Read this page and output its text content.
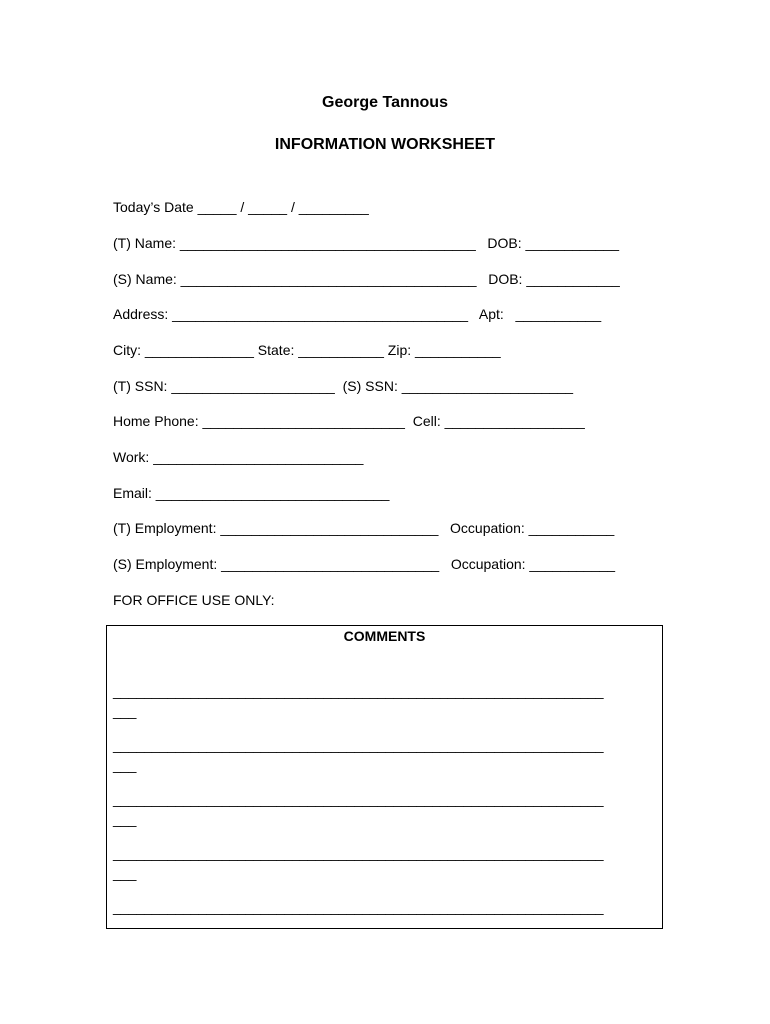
George Tannous
INFORMATION WORKSHEET
Today’s Date _____ / _____ / _________
(T) Name: ______________________________________   DOB: ____________
(S) Name: ______________________________________   DOB: ____________
Address: ______________________________________   Apt:   ___________
City: ______________ State: ___________ Zip: ___________
(T) SSN: _____________________  (S) SSN: ______________________
Home Phone: __________________________  Cell: __________________
Work: ___________________________
Email: ______________________________
(T) Employment: ____________________________   Occupation: ___________
(S) Employment: ____________________________   Occupation: ___________
FOR OFFICE USE ONLY:
COMMENTS
_______________________________________________________________
___
_______________________________________________________________
___
_______________________________________________________________
___
_______________________________________________________________
___
_______________________________________________________________
___
